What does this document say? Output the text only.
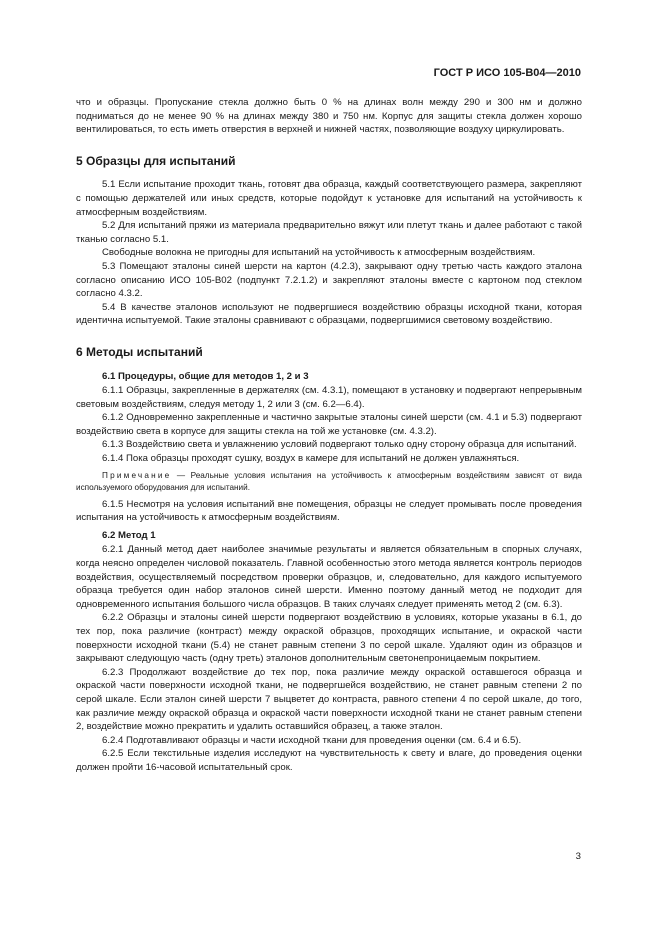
ГОСТ Р ИСО 105-В04—2010

что и образцы. Пропускание стекла должно быть 0 % на длинах волн между 290 и 300 нм и должно подниматься до не менее 90 % на длинах между 380 и 750 нм. Корпус для защиты стекла должен хорошо вентилироваться, то есть иметь отверстия в верхней и нижней частях, позволяющие воздуху циркулировать.

5 Образцы для испытаний

5.1 Если испытание проходит ткань, готовят два образца, каждый соответствующего размера, закрепляют с помощью держателей или иных средств, которые подойдут к установке для испытаний на устойчивость к атмосферным воздействиям.

5.2 Для испытаний пряжи из материала предварительно вяжут или плетут ткань и далее работают с такой тканью согласно 5.1.

Свободные волокна не пригодны для испытаний на устойчивость к атмосферным воздействиям.

5.3 Помещают эталоны синей шерсти на картон (4.2.3), закрывают одну третью часть каждого эталона согласно описанию ИСО 105-В02 (подпункт 7.2.1.2) и закрепляют эталоны вместе с картоном под стеклом согласно 4.3.2.

5.4 В качестве эталонов используют не подвергшиеся воздействию образцы исходной ткани, которая идентична испытуемой. Такие эталоны сравнивают с образцами, подвергшимися световому воздействию.

6 Методы испытаний

6.1 Процедуры, общие для методов 1, 2 и 3

6.1.1 Образцы, закрепленные в держателях (см. 4.3.1), помещают в установку и подвергают непрерывным световым воздействиям, следуя методу 1, 2 или 3 (см. 6.2—6.4).

6.1.2 Одновременно закрепленные и частично закрытые эталоны синей шерсти (см. 4.1 и 5.3) подвергают воздействию света в корпусе для защиты стекла на той же установке (см. 4.3.2).

6.1.3 Воздействию света и увлажнению условий подвергают только одну сторону образца для испытаний.

6.1.4 Пока образцы проходят сушку, воздух в камере для испытаний не должен увлажняться.

Примечание — Реальные условия испытания на устойчивость к атмосферным воздействиям зависят от вида используемого оборудования для испытаний.

6.1.5 Несмотря на условия испытаний вне помещения, образцы не следует промывать после проведения испытания на устойчивость к атмосферным воздействиям.

6.2 Метод 1

6.2.1 Данный метод дает наиболее значимые результаты и является обязательным в спорных случаях, когда неясно определен числовой показатель. Главной особенностью этого метода является контроль периодов воздействия, осуществляемый посредством проверки образцов, и, следовательно, для каждого испытуемого образца требуется один набор эталонов синей шерсти. Именно поэтому данный метод не подходит для одновременного испытания большого числа образцов. В таких случаях следует применять метод 2 (см. 6.3).

6.2.2 Образцы и эталоны синей шерсти подвергают воздействию в условиях, которые указаны в 6.1, до тех пор, пока различие (контраст) между окраской образцов, проходящих испытание, и окраской части поверхности исходной ткани (5.4) не станет равным степени 3 по серой шкале. Удаляют один из образцов и закрывают следующую часть (одну треть) эталонов дополнительным светонепроницаемым покрытием.

6.2.3 Продолжают воздействие до тех пор, пока различие между окраской оставшегося образца и окраской части поверхности исходной ткани, не подвергшейся воздействию, не станет равным степени 2 по серой шкале. Если эталон синей шерсти 7 выцветет до контраста, равного степени 4 по серой шкале, до того, как различие между окраской образца и окраской части поверхности исходной ткани не станет равным степени 2, воздействие можно прекратить и удалить оставшийся образец, а также эталон.

6.2.4 Подготавливают образцы и части исходной ткани для проведения оценки (см. 6.4 и 6.5).

6.2.5 Если текстильные изделия исследуют на чувствительность к свету и влаге, до проведения оценки должен пройти 16-часовой испытательный срок.

3
